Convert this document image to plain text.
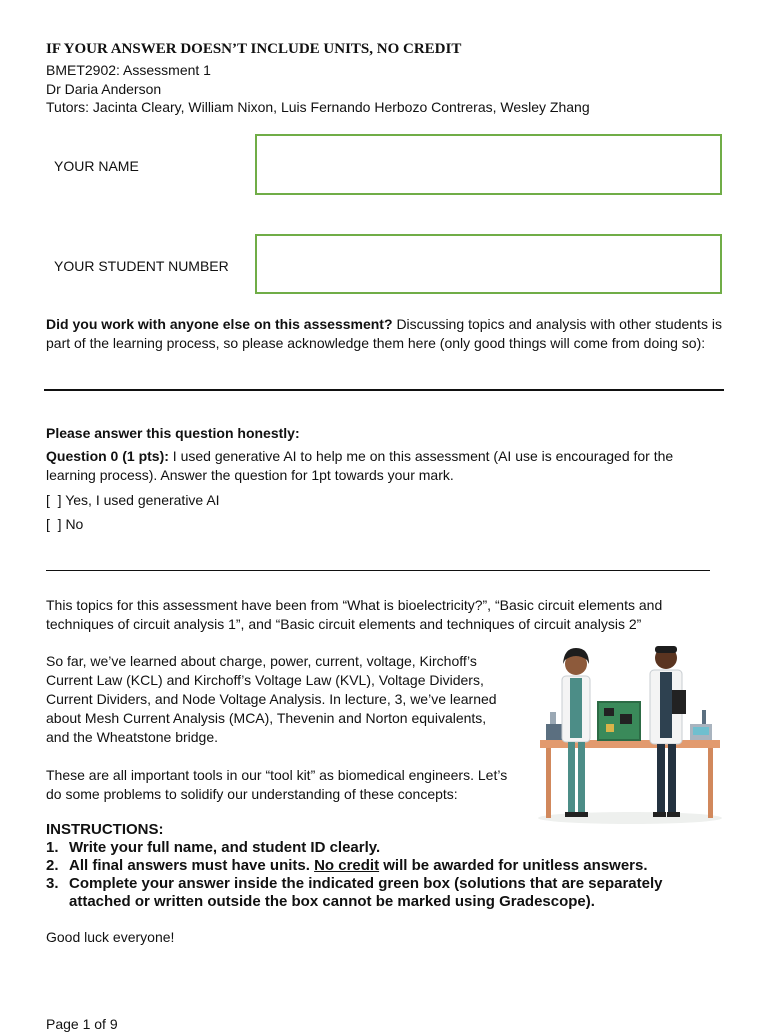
IF YOUR ANSWER DOESN’T INCLUDE UNITS, NO CREDIT
BMET2902: Assessment 1
Dr Daria Anderson
Tutors: Jacinta Cleary, William Nixon, Luis Fernando Herbozo Contreras, Wesley Zhang
YOUR NAME
YOUR STUDENT NUMBER
Did you work with anyone else on this assessment? Discussing topics and analysis with other students is part of the learning process, so please acknowledge them here (only good things will come from doing so):
Please answer this question honestly:
Question 0 (1 pts): I used generative AI to help me on this assessment (AI use is encouraged for the learning process). Answer the question for 1pt towards your mark.
[  ] Yes, I used generative AI
[  ] No
This topics for this assessment have been from “What is bioelectricity?”, “Basic circuit elements and techniques of circuit analysis 1”, and “Basic circuit elements and techniques of circuit analysis 2”
So far, we’ve learned about charge, power, current, voltage, Kirchoff’s Current Law (KCL) and Kirchoff’s Voltage Law (KVL), Voltage Dividers, Current Dividers, and Node Voltage Analysis. In lecture, 3, we’ve learned about Mesh Current Analysis (MCA), Thevenin and Norton equivalents, and the Wheatstone bridge.
These are all important tools in our “tool kit” as biomedical engineers. Let’s do some problems to solidify our understanding of these concepts:
INSTRUCTIONS:
1. Write your full name, and student ID clearly.
2. All final answers must have units. No credit will be awarded for unitless answers.
3. Complete your answer inside the indicated green box (solutions that are separately attached or written outside the box cannot be marked using Gradescope).
Good luck everyone!
Page 1 of 9
